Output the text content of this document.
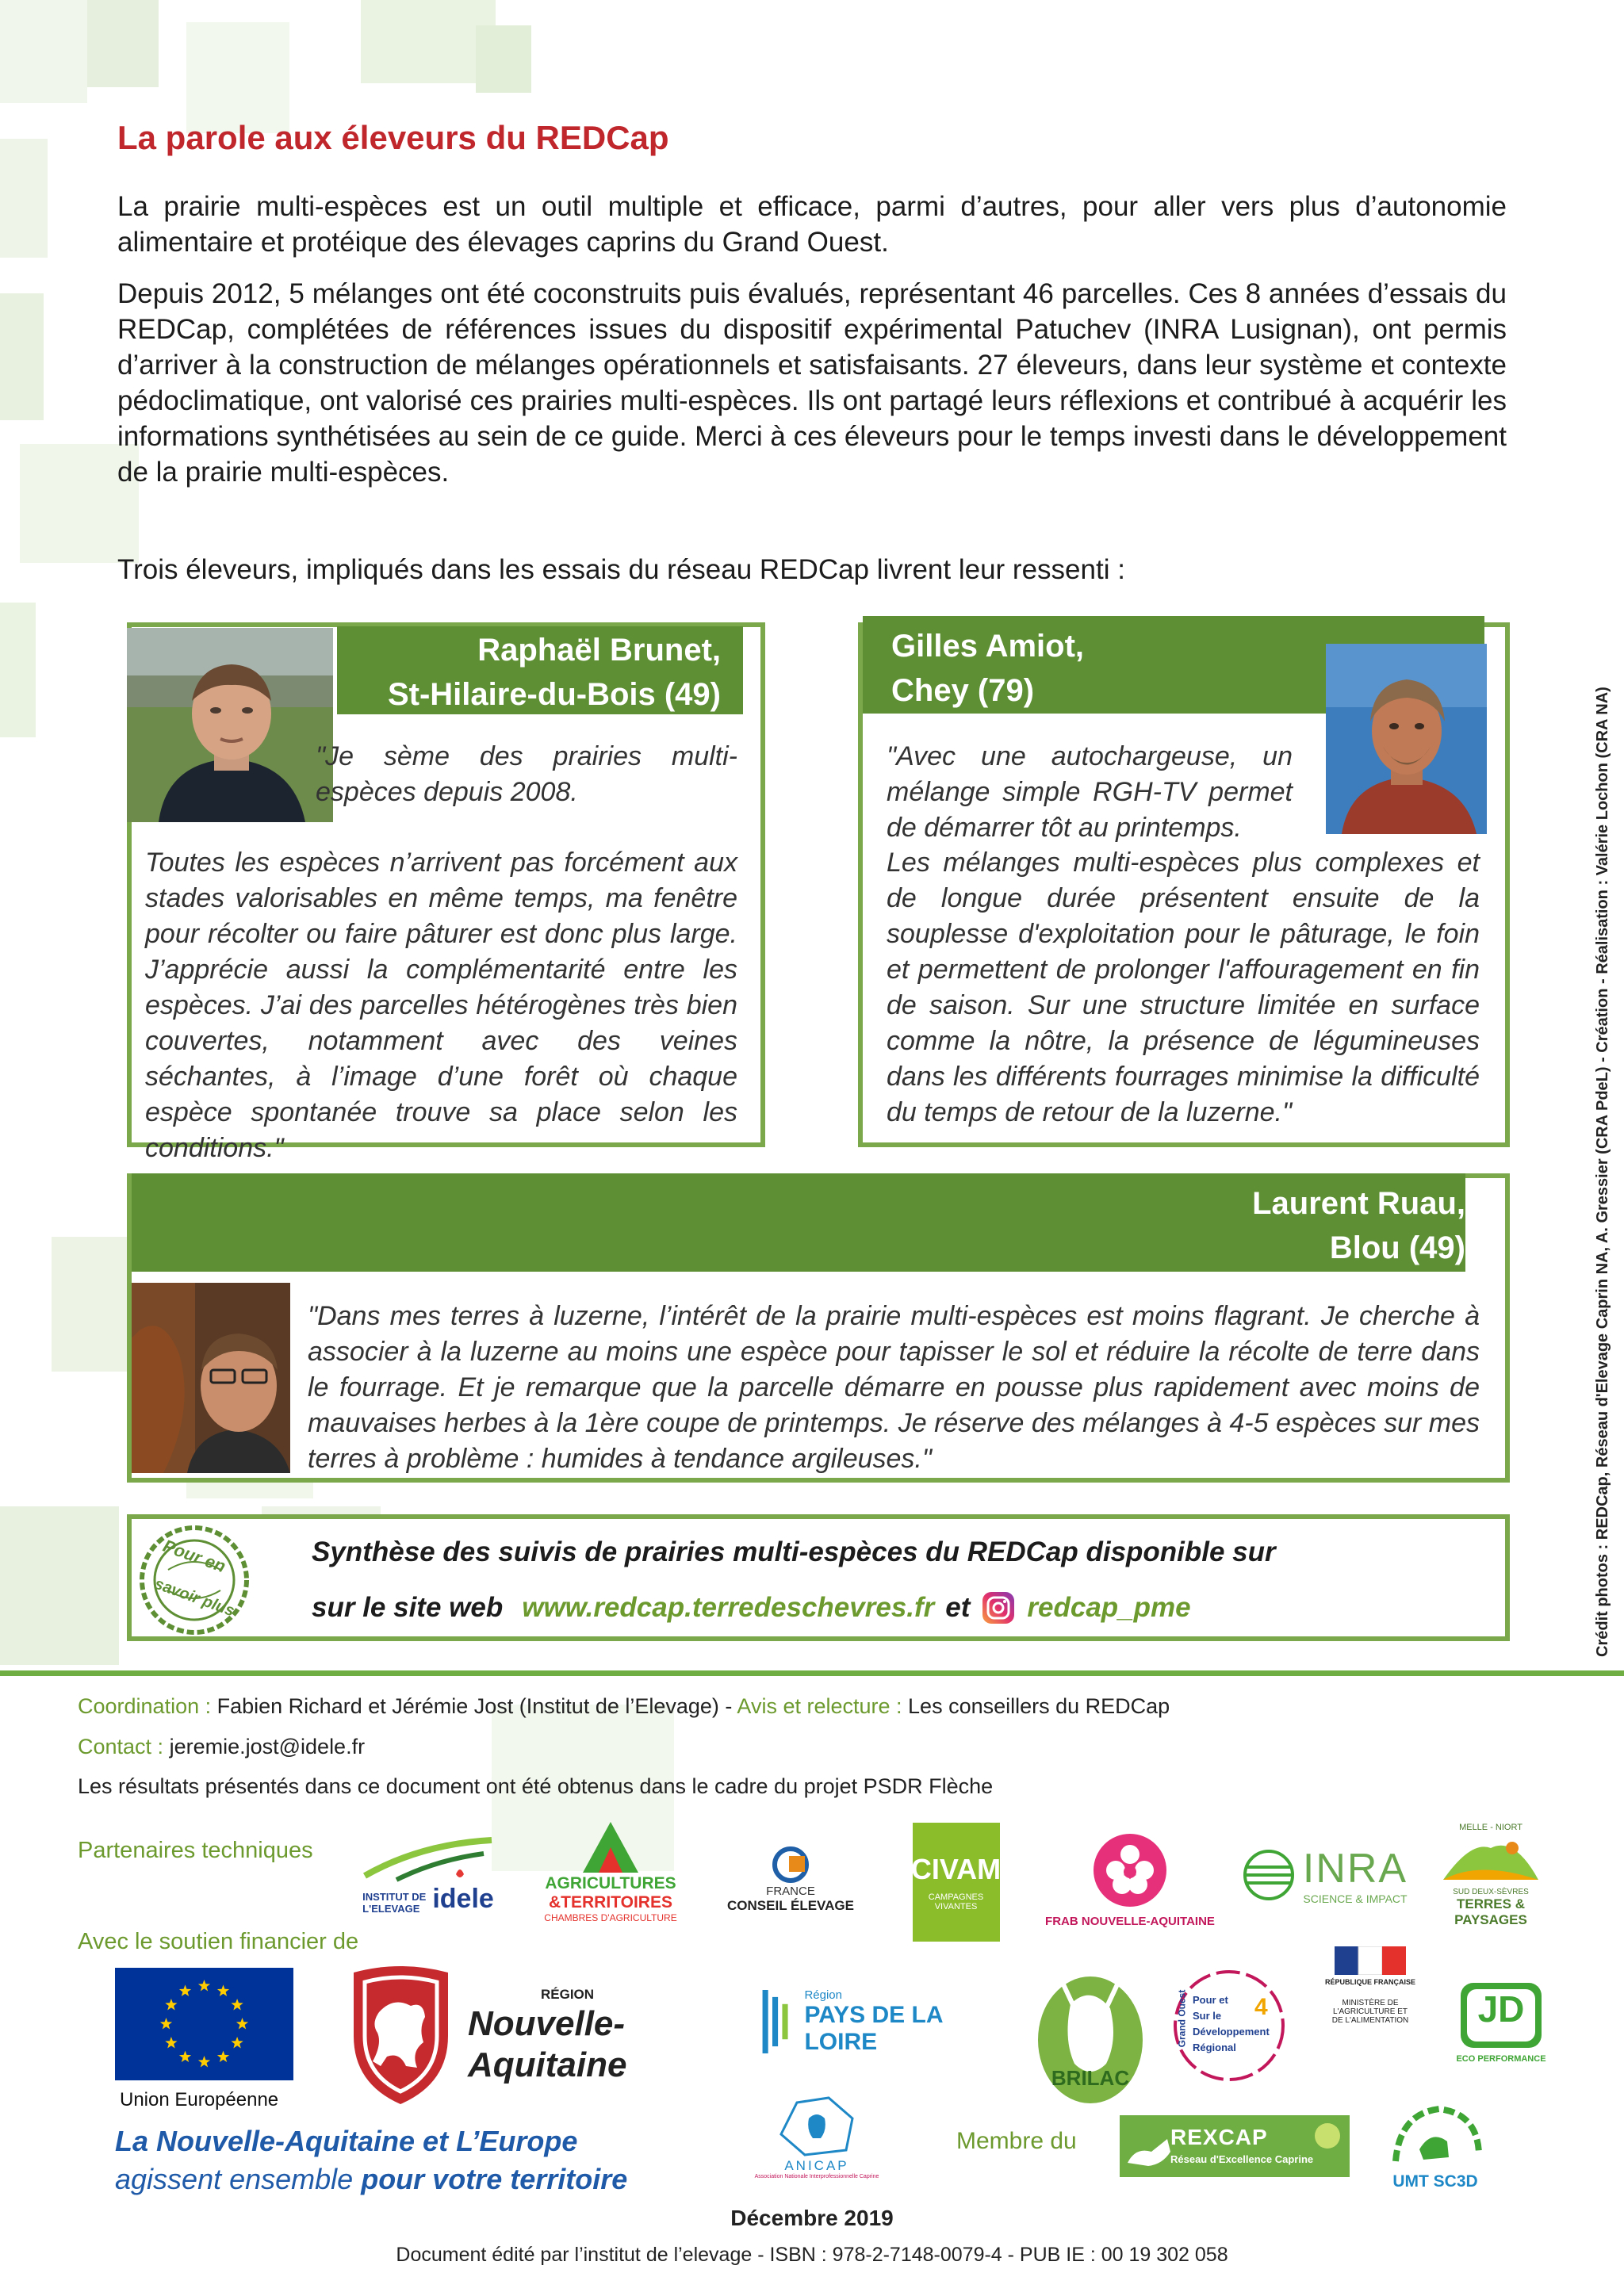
La parole aux éleveurs du REDCap
La prairie multi-espèces est un outil multiple et efficace, parmi d’autres, pour aller vers plus d’autonomie alimentaire et protéique des élevages caprins du Grand Ouest.
Depuis 2012, 5 mélanges ont été coconstruits puis évalués, représentant 46 parcelles. Ces 8 années d’essais du REDCap, complétées de références issues du dispositif expérimental Patuchev (INRA Lusignan), ont permis d’arriver à la construction de mélanges opérationnels et satisfaisants. 27 éleveurs, dans leur système et contexte pédoclimatique, ont valorisé ces prairies multi-espèces. Ils ont partagé leurs réflexions et contribué à acquérir les informations synthétisées au sein de ce guide. Merci à ces éleveurs pour le temps investi dans le développement de la prairie multi-espèces.
Trois éleveurs, impliqués dans les essais du réseau REDCap livrent leur ressenti :
Raphaël Brunet,
St-Hilaire-du-Bois (49)
"Je sème des prairies multi-espèces depuis 2008.
Toutes les espèces n’arrivent pas forcément aux stades valorisables en même temps, ma fenêtre pour récolter ou faire pâturer est donc plus large. J’apprécie aussi la complémentarité entre les espèces. J’ai des parcelles hétérogènes très bien couvertes, notamment avec des veines séchantes, à l’image d’une forêt où chaque espèce spontanée trouve sa place selon les conditions."
Gilles Amiot,
Chey (79)
"Avec une autochargeuse, un mélange simple RGH-TV permet de démarrer tôt au printemps.
Les mélanges multi-espèces plus complexes et de longue durée présentent ensuite de la souplesse d'exploitation pour le pâturage, le foin et permettent de prolonger l'affouragement en fin de saison. Sur une structure limitée en surface comme la nôtre, la présence de légumineuses dans les différents fourrages minimise la difficulté du temps de retour de la luzerne."
Laurent Ruau,
Blou (49)
"Dans mes terres à luzerne, l’intérêt de la prairie multi-espèces est moins flagrant. Je cherche à associer à la luzerne au moins une espèce pour tapisser le sol et réduire la récolte de terre dans le fourrage. Et je remarque que la parcelle démarre en pousse plus rapidement avec moins de mauvaises herbes à la 1ère coupe de printemps. Je réserve des mélanges à 4-5 espèces sur mes terres à problème : humides à tendance argileuses."
Pour en
savoir plus
Synthèse des suivis de prairies multi-espèces du REDCap disponible sur
sur le site web www.redcap.terredeschevres.fr et redcap_pme	Crédit photos : REDCap, Réseau d'Elevage Caprin NA, A. Gressier (CRA PdeL) - Création - Réalisation : Valérie Lochon (CRA NA)
Coordination : Fabien Richard et Jérémie Jost (Institut de l’Elevage) - Avis et relecture : Les conseillers du REDCap
Contact : jeremie.jost@idele.fr
Les résultats présentés dans ce document ont été obtenus dans le cadre du projet PSDR Flèche
Partenaires techniques
Avec le soutien financier de
INSTITUT DE
L'ELEVAGE idele	AGRICULTURES
&TERRITOIRES
CHAMBRES D'AGRICULTURE
FRANCE
CONSEIL ÉLEVAGE
CIVAM
CAMPAGNES VIVANTES
FRAB NOUVELLE-AQUITAINE
INRA
SCIENCE & IMPACT
MELLE - NIORT
SUD DEUX-SÈVRES
TERRES & PAYSAGES
Union Européenne
RÉGION
Nouvelle-
Aquitaine
La Nouvelle-Aquitaine et L’Europe
agissent ensemble pour votre territoire
Région
PAYS DE LA LOIRE
BRILAC
Grand Ouest Pour et
Sur le
Développement
Régional
4
RÉPUBLIQUE FRANÇAISE
MINISTÈRE DE L'AGRICULTURE ET DE L'ALIMENTATION	JD
ECO PERFORMANCE
ANICAP
Association Nationale Interprofessionnelle Caprine
Membre du	REXCAP
Réseau d'Excellence Caprine
UMT SC3D
Décembre 2019
Document édité par l’institut de l’elevage - ISBN : 978-2-7148-0079-4 - PUB IE : 00 19 302 058
